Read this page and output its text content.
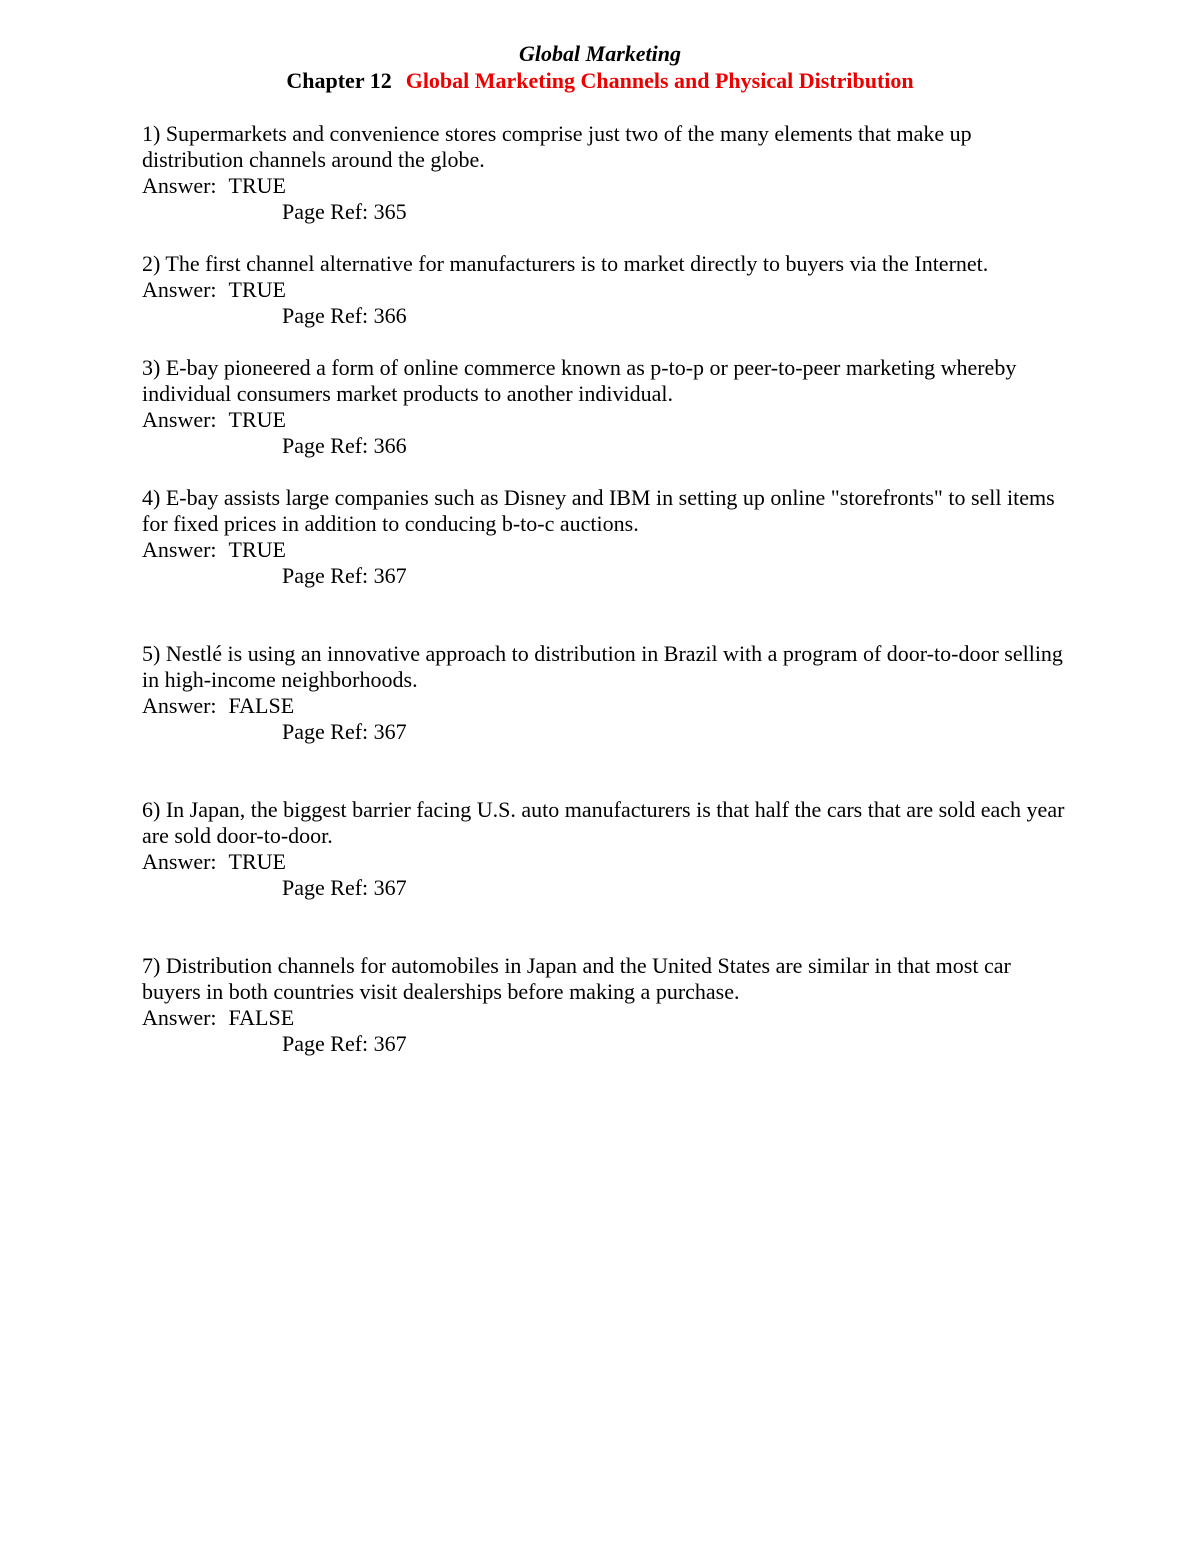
Global Marketing
Chapter 12 Global Marketing Channels and Physical Distribution

1) Supermarkets and convenience stores comprise just two of the many elements that make up distribution channels around the globe.

Answer: TRUE

Page Ref: 365

2) The first channel alternative for manufacturers is to market directly to buyers via the Internet.

Answer: TRUE

Page Ref: 366

3) E-bay pioneered a form of online commerce known as p-to-p or peer-to-peer marketing whereby individual consumers market products to another individual.

Answer: TRUE

Page Ref: 366

4) E-bay assists large companies such as Disney and IBM in setting up online "storefronts" to sell items for fixed prices in addition to conducing b-to-c auctions.

Answer: TRUE

Page Ref: 367

5) Nestlé is using an innovative approach to distribution in Brazil with a program of door-to-door selling in high-income neighborhoods.

Answer: FALSE

Page Ref: 367

6) In Japan, the biggest barrier facing U.S. auto manufacturers is that half the cars that are sold each year are sold door-to-door.

Answer: TRUE

Page Ref: 367

7) Distribution channels for automobiles in Japan and the United States are similar in that most car buyers in both countries visit dealerships before making a purchase.

Answer: FALSE

Page Ref: 367
